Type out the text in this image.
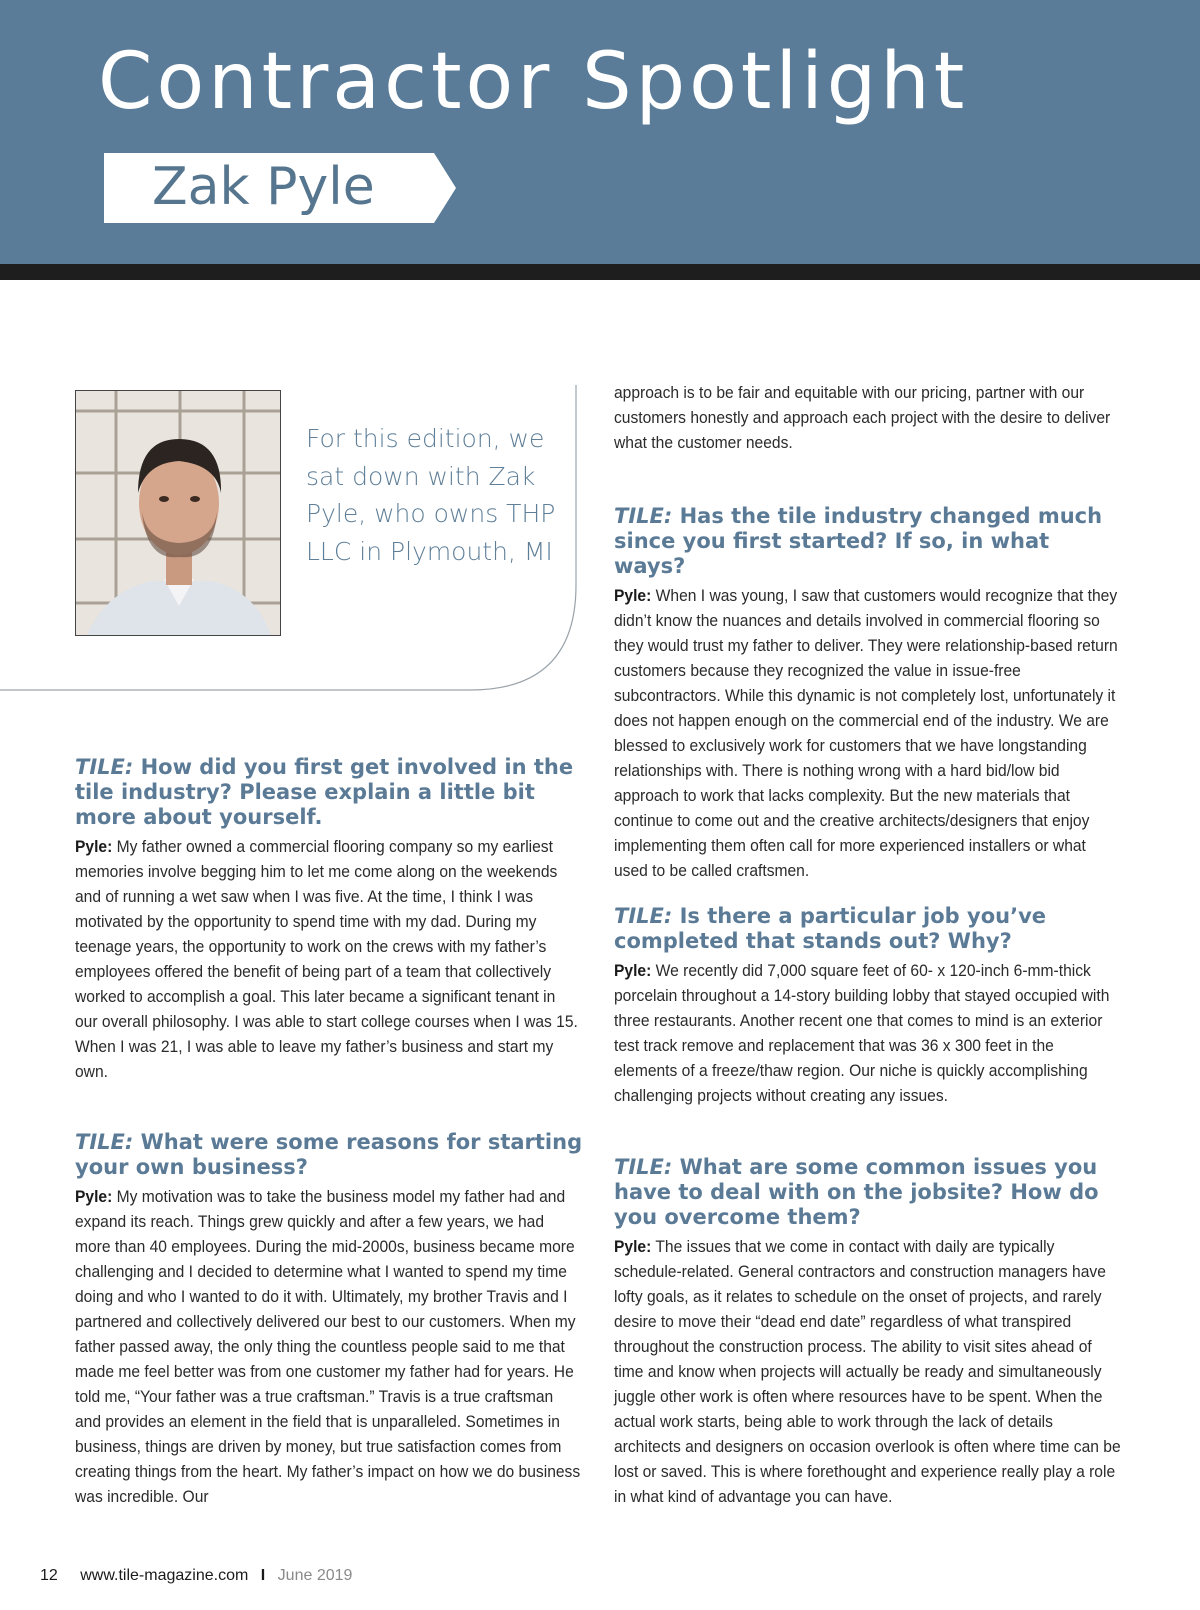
Contractor Spotlight
Zak Pyle
For this edition, we sat down with Zak Pyle, who owns THP LLC in Plymouth, MI
TILE: How did you first get involved in the tile industry? Please explain a little bit more about yourself.

Pyle: My father owned a commercial flooring company so my earliest memories involve begging him to let me come along on the weekends and of running a wet saw when I was five. At the time, I think I was motivated by the opportunity to spend time with my dad. During my teenage years, the opportunity to work on the crews with my father’s employees offered the benefit of being part of a team that collectively worked to accomplish a goal. This later became a significant tenant in our overall philosophy. I was able to start college courses when I was 15. When I was 21, I was able to leave my father’s business and start my own.

TILE: What were some reasons for starting your own business?

Pyle: My motivation was to take the business model my father had and expand its reach. Things grew quickly and after a few years, we had more than 40 employees. During the mid-2000s, business became more challenging and I decided to determine what I wanted to spend my time doing and who I wanted to do it with. Ultimately, my brother Travis and I partnered and collectively delivered our best to our customers. When my father passed away, the only thing the countless people said to me that made me feel better was from one customer my father had for years. He told me, “Your father was a true craftsman.” Travis is a true craftsman and provides an element in the field that is unparalleled. Sometimes in business, things are driven by money, but true satisfaction comes from creating things from the heart. My father’s impact on how we do business was incredible. Our

approach is to be fair and equitable with our pricing, partner with our customers honestly and approach each project with the desire to deliver what the customer needs.

TILE: Has the tile industry changed much since you first started? If so, in what ways?

Pyle: When I was young, I saw that customers would recognize that they didn’t know the nuances and details involved in commercial flooring so they would trust my father to deliver. They were relationship-based return customers because they recognized the value in issue-free subcontractors. While this dynamic is not completely lost, unfortunately it does not happen enough on the commercial end of the industry. We are blessed to exclusively work for customers that we have longstanding relationships with. There is nothing wrong with a hard bid/low bid approach to work that lacks complexity. But the new materials that continue to come out and the creative architects/designers that enjoy implementing them often call for more experienced installers or what used to be called craftsmen.

TILE: Is there a particular job you’ve completed that stands out? Why?

Pyle: We recently did 7,000 square feet of 60- x 120-inch 6-mm-thick porcelain throughout a 14-story building lobby that stayed occupied with three restaurants. Another recent one that comes to mind is an exterior test track remove and replacement that was 36 x 300 feet in the elements of a freeze/thaw region. Our niche is quickly accomplishing challenging projects without creating any issues.

TILE: What are some common issues you have to deal with on the jobsite? How do you overcome them?

Pyle: The issues that we come in contact with daily are typically schedule-related. General contractors and construction managers have lofty goals, as it relates to schedule on the onset of projects, and rarely desire to move their “dead end date” regardless of what transpired throughout the construction process. The ability to visit sites ahead of time and know when projects will actually be ready and simultaneously juggle other work is often where resources have to be spent. When the actual work starts, being able to work through the lack of details architects and designers on occasion overlook is often where time can be lost or saved. This is where forethought and experience really play a role in what kind of advantage you can have.

12 www.tile-magazine.com I June 2019
